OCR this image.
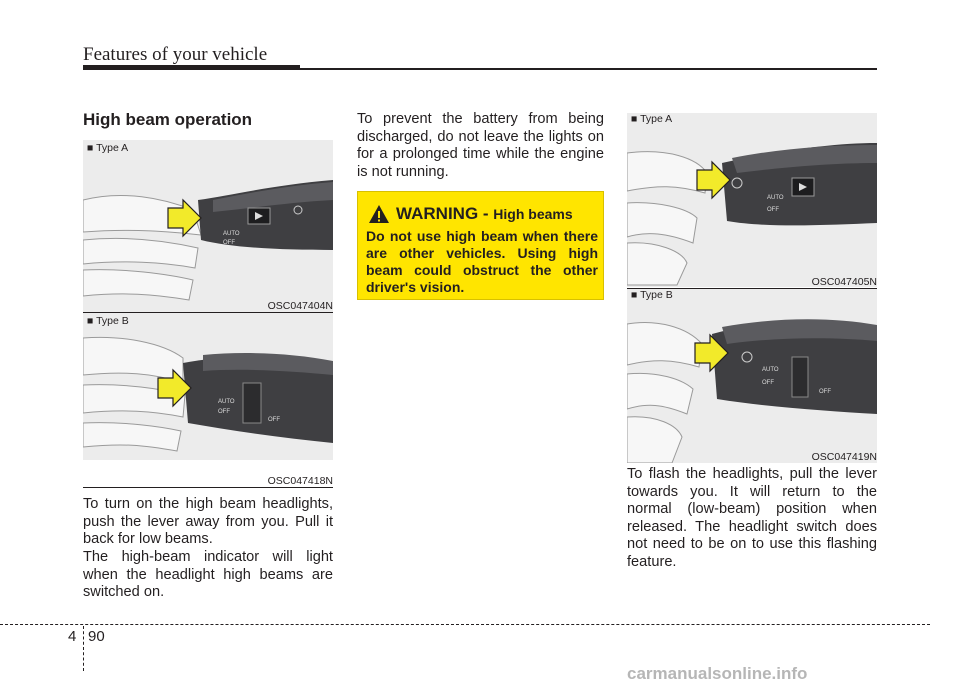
Features of your vehicle
High beam operation
AUTO
OFF
■ Type A
OSC047404N
AUTO
OFF
OFF
■ Type B
OSC047418N

To turn on the high beam headlights, push the lever away from you. Pull it back for low beams.

The high-beam indicator will light when the headlight high beams are switched on.

To prevent the battery from being discharged, do not leave the lights on for a prolonged time while the engine is not running.

WARNING - High beams

Do not use high beam when there are other vehicles. Using high beam could obstruct the other driver's vision.

AUTO
OFF
■ Type A
OSC047405N
AUTO
OFF
OFF
■ Type B
OSC047419N

To flash the headlights, pull the lever towards you. It will return to the normal (low-beam) position when released. The headlight switch does not need to be on to use this flashing feature.

4 90
carmanualsonline.info
